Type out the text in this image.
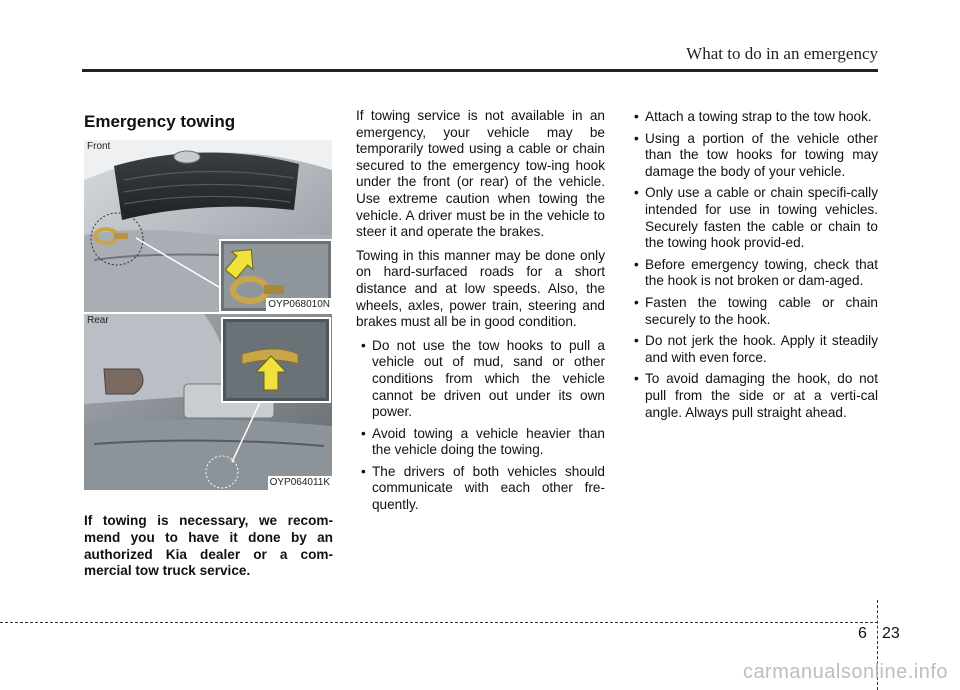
What to do in an emergency
Emergency towing
Front
OYP068010N
Rear
OYP064011K

If towing is necessary, we recom-mend you to have it done by an authorized Kia dealer or a com-mercial tow truck service.

If towing service is not available in an emergency, your vehicle may be temporarily towed using a cable or chain secured to the emergency tow-ing hook under the front (or rear) of the vehicle. Use extreme caution when towing the vehicle. A driver must be in the vehicle to steer it and operate the brakes.

Towing in this manner may be done only on hard-surfaced roads for a short distance and at low speeds. Also, the wheels, axles, power train, steering and brakes must all be in good condition.

• Do not use the tow hooks to pull a vehicle out of mud, sand or other conditions from which the vehicle cannot be driven out under its own power.
• Avoid towing a vehicle heavier than the vehicle doing the towing.
• The drivers of both vehicles should communicate with each other fre-quently.
• Attach a towing strap to the tow hook.
• Using a portion of the vehicle other than the tow hooks for towing may damage the body of your vehicle.
• Only use a cable or chain specifi-cally intended for use in towing vehicles. Securely fasten the cable or chain to the towing hook provid-ed.
• Before emergency towing, check that the hook is not broken or dam-aged.
• Fasten the towing cable or chain securely to the hook.
• Do not jerk the hook. Apply it steadily and with even force.
• To avoid damaging the hook, do not pull from the side or at a verti-cal angle. Always pull straight ahead.
6 23
carmanualsonline.info
